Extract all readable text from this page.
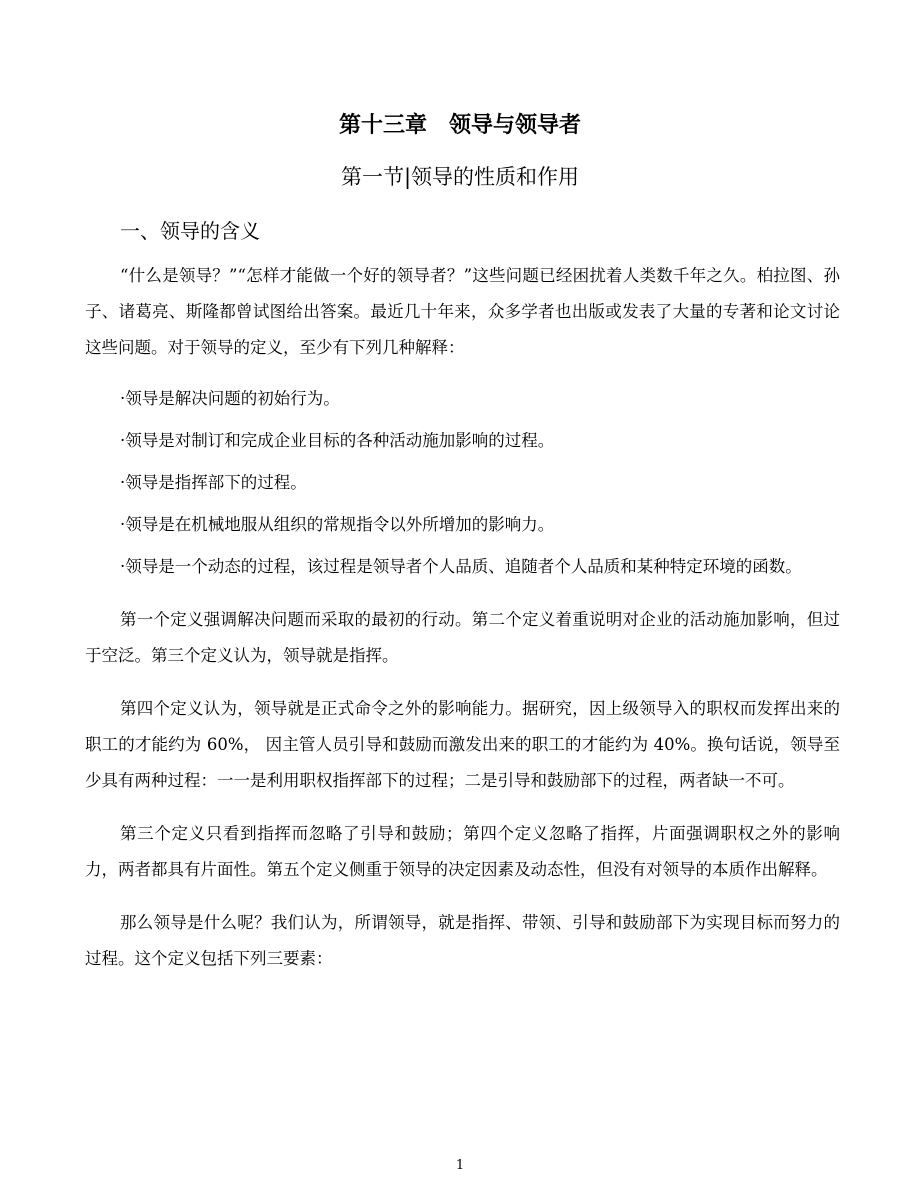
第十三章　领导与领导者
第一节|领导的性质和作用
一、领导的含义

“什么是领导？”“怎样才能做一个好的领导者？”这些问题已经困扰着人类数千年之久。柏拉图、孙子、诸葛亮、斯隆都曾试图给出答案。最近几十年来，众多学者也出版或发表了大量的专著和论文讨论这些问题。对于领导的定义，至少有下列几种解释：

·领导是解决问题的初始行为。

·领导是对制订和完成企业目标的各种活动施加影响的过程。

·领导是指挥部下的过程。

·领导是在机械地服从组织的常规指令以外所增加的影响力。

·领导是一个动态的过程，该过程是领导者个人品质、追随者个人品质和某种特定环境的函数。

第一个定义强调解决问题而采取的最初的行动。第二个定义着重说明对企业的活动施加影响，但过于空泛。第三个定义认为，领导就是指挥。

第四个定义认为，领导就是正式命令之外的影响能力。据研究，因上级领导入的职权而发挥出来的职工的才能约为 60%， 因主管人员引导和鼓励而激发出来的职工的才能约为 40%。换句话说，领导至少具有两种过程：一一是利用职权指挥部下的过程；二是引导和鼓励部下的过程，两者缺一不可。

第三个定义只看到指挥而忽略了引导和鼓励；第四个定义忽略了指挥，片面强调职权之外的影响力，两者都具有片面性。第五个定义侧重于领导的决定因素及动态性，但没有对领导的本质作出解释。

那么领导是什么呢？我们认为，所谓领导，就是指挥、带领、引导和鼓励部下为实现目标而努力的过程。这个定义包括下列三要素：

1
